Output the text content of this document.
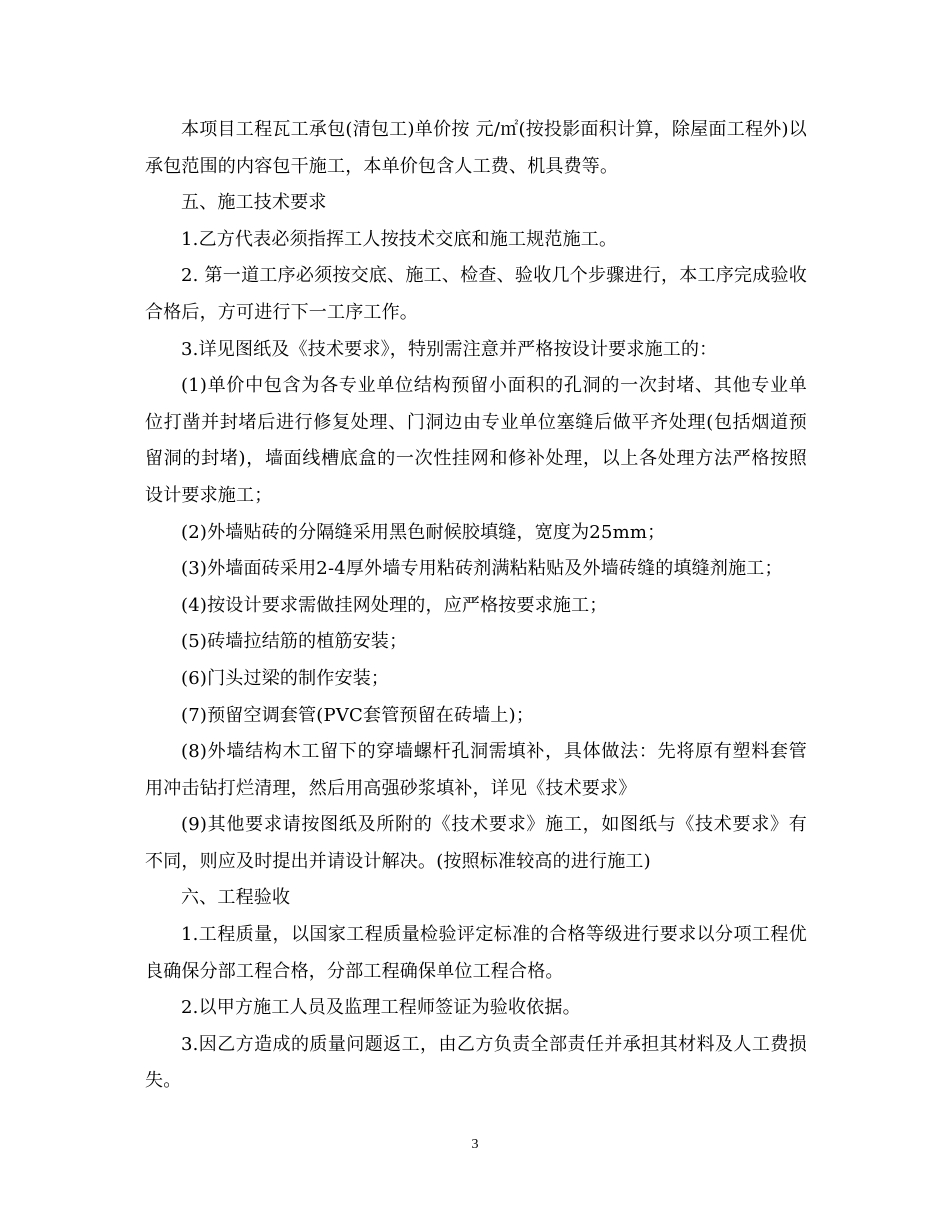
本项目工程瓦工承包(清包工)单价按 元/㎡(按投影面积计算，除屋面工程外)以承包范围的内容包干施工，本单价包含人工费、机具费等。

五、施工技术要求

1.乙方代表必须指挥工人按技术交底和施工规范施工。

2. 第一道工序必须按交底、施工、检查、验收几个步骤进行，本工序完成验收合格后，方可进行下一工序工作。

3.详见图纸及《技术要求》，特别需注意并严格按设计要求施工的：

(1)单价中包含为各专业单位结构预留小面积的孔洞的一次封堵、其他专业单位打凿并封堵后进行修复处理、门洞边由专业单位塞缝后做平齐处理(包括烟道预留洞的封堵)，墙面线槽底盒的一次性挂网和修补处理，以上各处理方法严格按照设计要求施工；

(2)外墙贴砖的分隔缝采用黑色耐候胶填缝，宽度为25mm；

(3)外墙面砖采用2-4厚外墙专用粘砖剂满粘粘贴及外墙砖缝的填缝剂施工；

(4)按设计要求需做挂网处理的，应严格按要求施工；

(5)砖墙拉结筋的植筋安装；

(6)门头过梁的制作安装；

(7)预留空调套管(PVC套管预留在砖墙上)；

(8)外墙结构木工留下的穿墙螺杆孔洞需填补，具体做法：先将原有塑料套管用冲击钻打烂清理，然后用高强砂浆填补，详见《技术要求》

(9)其他要求请按图纸及所附的《技术要求》施工，如图纸与《技术要求》有不同，则应及时提出并请设计解决。(按照标准较高的进行施工)

六、工程验收

1.工程质量，以国家工程质量检验评定标准的合格等级进行要求以分项工程优良确保分部工程合格，分部工程确保单位工程合格。

2.以甲方施工人员及监理工程师签证为验收依据。

3.因乙方造成的质量问题返工，由乙方负责全部责任并承担其材料及人工费损失。

3
